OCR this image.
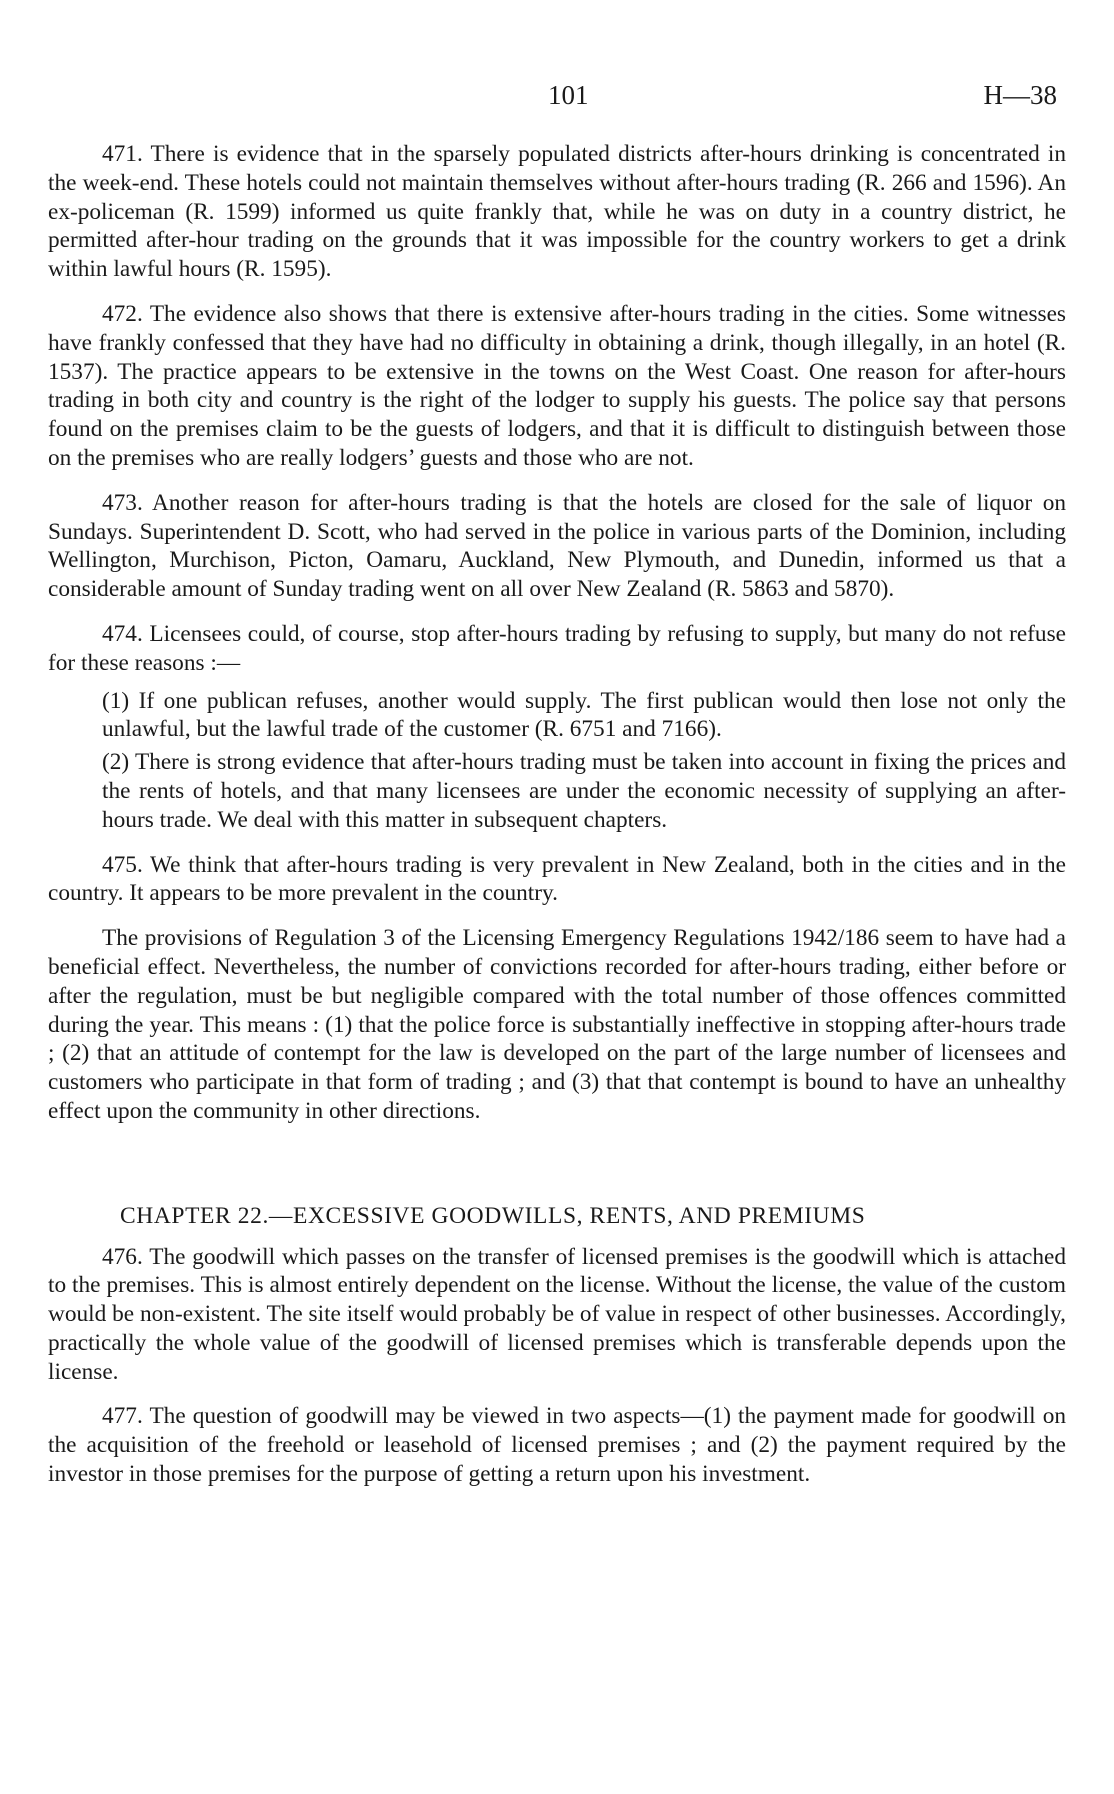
101	H—38

471. There is evidence that in the sparsely populated districts after-hours drinking is concentrated in the week-end. These hotels could not maintain themselves without after-hours trading (R. 266 and 1596). An ex-policeman (R. 1599) informed us quite frankly that, while he was on duty in a country district, he permitted after-hour trading on the grounds that it was impossible for the country workers to get a drink within lawful hours (R. 1595).

472. The evidence also shows that there is extensive after-hours trading in the cities. Some witnesses have frankly confessed that they have had no difficulty in obtaining a drink, though illegally, in an hotel (R. 1537). The practice appears to be extensive in the towns on the West Coast. One reason for after-hours trading in both city and country is the right of the lodger to supply his guests. The police say that persons found on the premises claim to be the guests of lodgers, and that it is difficult to distinguish between those on the premises who are really lodgers’ guests and those who are not.

473. Another reason for after-hours trading is that the hotels are closed for the sale of liquor on Sundays. Superintendent D. Scott, who had served in the police in various parts of the Dominion, including Wellington, Murchison, Picton, Oamaru, Auckland, New Plymouth, and Dunedin, informed us that a considerable amount of Sunday trading went on all over New Zealand (R. 5863 and 5870).

474. Licensees could, of course, stop after-hours trading by refusing to supply, but many do not refuse for these reasons :—

(1) If one publican refuses, another would supply. The first publican would then lose not only the unlawful, but the lawful trade of the customer (R. 6751 and 7166).

(2) There is strong evidence that after-hours trading must be taken into account in fixing the prices and the rents of hotels, and that many licensees are under the economic necessity of supplying an after-hours trade. We deal with this matter in subsequent chapters.

475. We think that after-hours trading is very prevalent in New Zealand, both in the cities and in the country. It appears to be more prevalent in the country.

The provisions of Regulation 3 of the Licensing Emergency Regulations 1942/186 seem to have had a beneficial effect. Nevertheless, the number of convictions recorded for after-hours trading, either before or after the regulation, must be but negligible compared with the total number of those offences committed during the year. This means : (1) that the police force is substantially ineffective in stopping after-hours trade ; (2) that an attitude of contempt for the law is developed on the part of the large number of licensees and customers who participate in that form of trading ; and (3) that that contempt is bound to have an unhealthy effect upon the community in other directions.

CHAPTER 22.—EXCESSIVE GOODWILLS, RENTS, AND PREMIUMS

476. The goodwill which passes on the transfer of licensed premises is the goodwill which is attached to the premises. This is almost entirely dependent on the license. Without the license, the value of the custom would be non-existent. The site itself would probably be of value in respect of other businesses. Accordingly, practically the whole value of the goodwill of licensed premises which is transferable depends upon the license.

477. The question of goodwill may be viewed in two aspects—(1) the payment made for goodwill on the acquisition of the freehold or leasehold of licensed premises ; and (2) the payment required by the investor in those premises for the purpose of getting a return upon his investment.
